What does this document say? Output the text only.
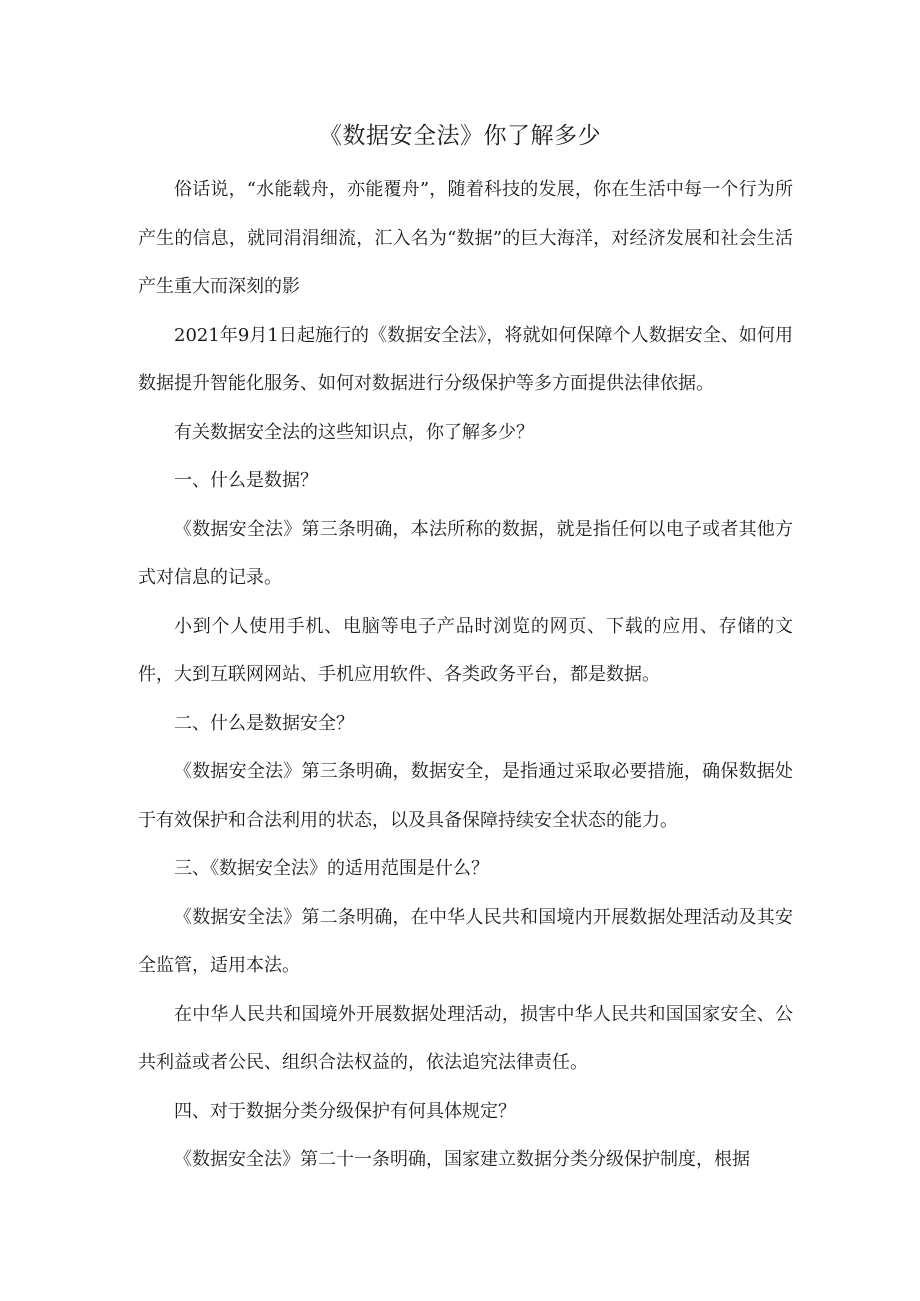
《数据安全法》你了解多少

俗话说，“水能载舟，亦能覆舟”，随着科技的发展，你在生活中每一个行为所产生的信息，就同涓涓细流，汇入名为“数据”的巨大海洋，对经济发展和社会生活产生重大而深刻的影

2021年9月1日起施行的《数据安全法》，将就如何保障个人数据安全、如何用数据提升智能化服务、如何对数据进行分级保护等多方面提供法律依据。

有关数据安全法的这些知识点，你了解多少？

一、什么是数据？

《数据安全法》第三条明确，本法所称的数据，就是指任何以电子或者其他方式对信息的记录。

小到个人使用手机、电脑等电子产品时浏览的网页、下载的应用、存储的文件，大到互联网网站、手机应用软件、各类政务平台，都是数据。

二、什么是数据安全？

《数据安全法》第三条明确，数据安全，是指通过采取必要措施，确保数据处于有效保护和合法利用的状态，以及具备保障持续安全状态的能力。

三、《数据安全法》的适用范围是什么？

《数据安全法》第二条明确，在中华人民共和国境内开展数据处理活动及其安全监管，适用本法。

在中华人民共和国境外开展数据处理活动，损害中华人民共和国国家安全、公共利益或者公民、组织合法权益的，依法追究法律责任。

四、对于数据分类分级保护有何具体规定？

《数据安全法》第二十一条明确，国家建立数据分类分级保护制度，根据
